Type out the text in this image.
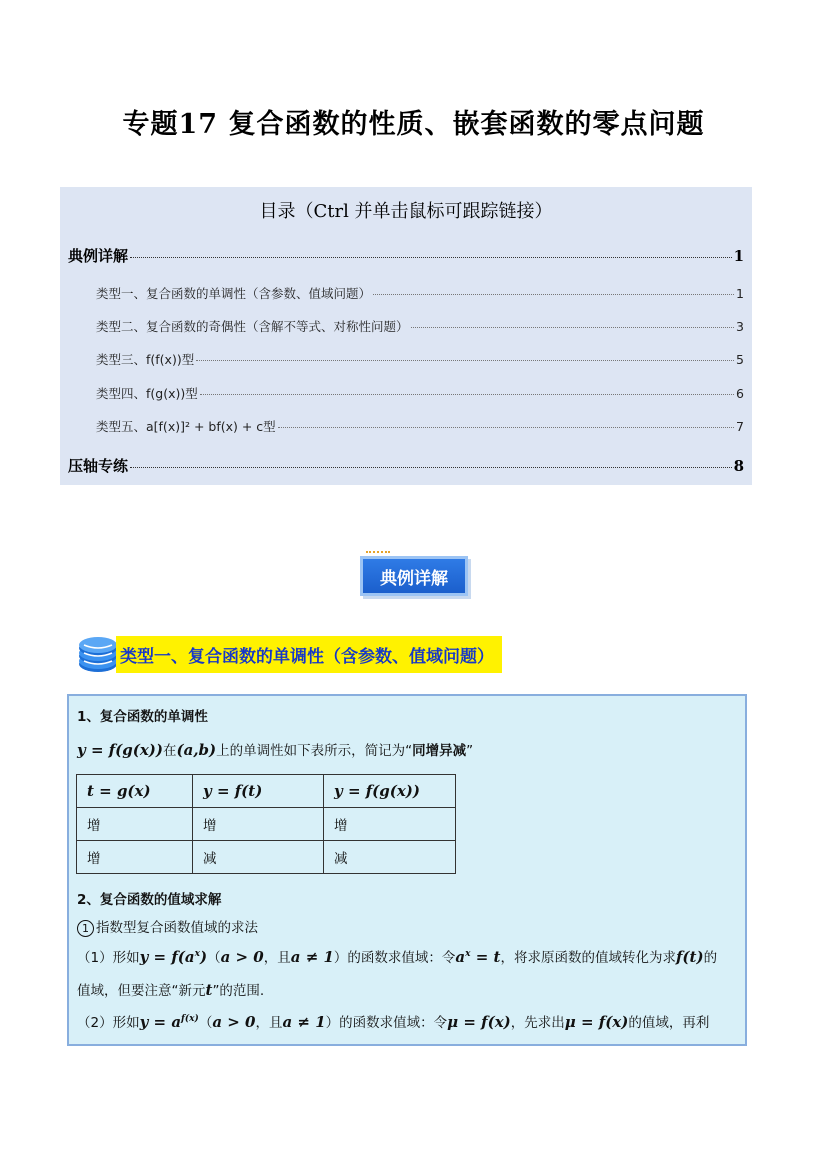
专题17 复合函数的性质、嵌套函数的零点问题
目录（Ctrl 并单击鼠标可跟踪链接）
典例详解	1
类型一、复合函数的单调性（含参数、值域问题）	1
类型二、复合函数的奇偶性（含解不等式、对称性问题）	3
类型三、f(f(x))型	5
类型四、f(g(x))型	6
类型五、a[f(x)]² + bf(x) + c型	7
压轴专练	8
典例详解
类型一、复合函数的单调性（含参数、值域问题）
1、复合函数的单调性
y = f(g(x))在(a,b)上的单调性如下表所示，简记为“同增异减”
t = g(x)	y = f(t)	y = f(g(x))
增	增	增
增	减	减
2、复合函数的值域求解
1 指数型复合函数值域的求法
（1）形如$y = f(a^x)(a > 0$，且a ≠ 1）的函数求值域：令$a^x = t$，将求原函数的值域转化为求f(t)的
值域，但要注意“新元t”的范围.
（2）形如$y = a^{f(x)}(a > 0$，且a ≠ 1）的函数求值域：令μ = f(x)，先求出μ = f(x)的值域，再利
